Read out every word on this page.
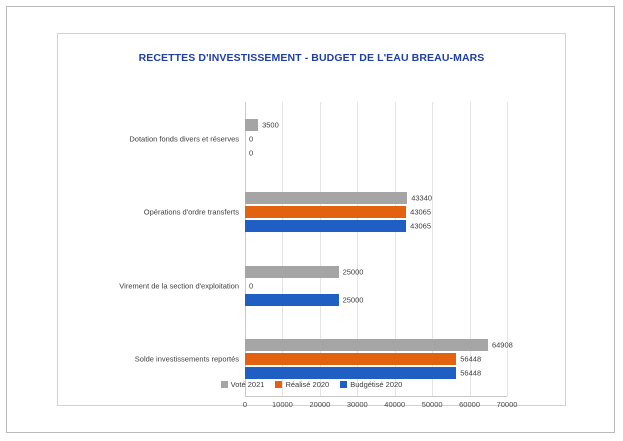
RECETTES D'INVESTISSEMENT - BUDGET DE L'EAU BREAU-MARS
0	10000 20000 30000 40000 50000 60000 70000
Dotation fonds divers et réserves
3500
0
0
Opérations d'ordre transferts
43340
43065
43065
Virement de la section d'exploitation
25000
0
25000
Solde investissements reportés
64908
56448
56448
Voté 2021	Réalisé 2020	Budgétisé 2020
